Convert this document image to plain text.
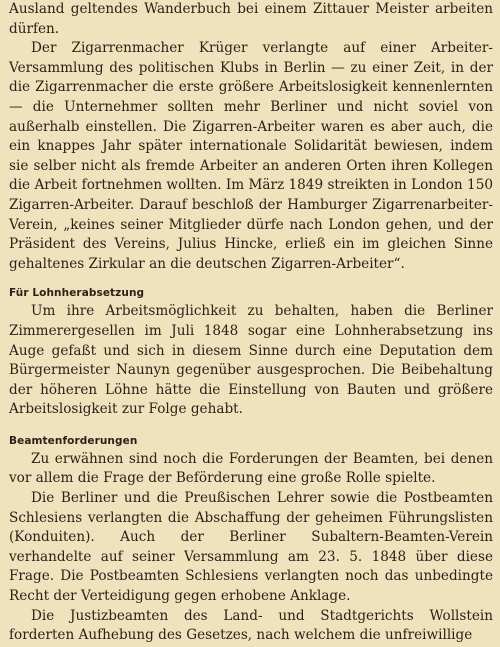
Ausland geltendes Wanderbuch bei einem Zittauer Meister arbeiten dürfen.

Der Zigarrenmacher Krüger verlangte auf einer Arbeiter-Versammlung des politischen Klubs in Berlin — zu einer Zeit, in der die Zigarrenmacher die erste größere Arbeitslosigkeit kennenlernten — die Unternehmer sollten mehr Berliner und nicht soviel von außerhalb einstellen. Die Zigarren-Arbeiter waren es aber auch, die ein knappes Jahr später internationale Solidarität bewiesen, indem sie selber nicht als fremde Arbeiter an anderen Orten ihren Kollegen die Arbeit fortnehmen wollten. Im März 1849 streikten in London 150 Zigarren-Arbeiter. Darauf beschloß der Hamburger Zigarrenarbeiter-Verein, „keines seiner Mitglieder dürfe nach London gehen, und der Präsident des Vereins, Julius Hincke, erließ ein im gleichen Sinne gehaltenes Zirkular an die deutschen Zigarren-Arbeiter“.

Für Lohnherabsetzung

Um ihre Arbeitsmöglichkeit zu behalten, haben die Berliner Zimmerergesellen im Juli 1848 sogar eine Lohnherabsetzung ins Auge gefaßt und sich in diesem Sinne durch eine Deputation dem Bürgermeister Naunyn gegenüber ausgesprochen. Die Beibehaltung der höheren Löhne hätte die Einstellung von Bauten und größere Arbeitslosigkeit zur Folge gehabt.

Beamtenforderungen

Zu erwähnen sind noch die Forderungen der Beamten, bei denen vor allem die Frage der Beförderung eine große Rolle spielte.

Die Berliner und die Preußischen Lehrer sowie die Postbeamten Schlesiens verlangten die Abschaffung der geheimen Führungslisten (Konduiten). Auch der Berliner Subaltern-Beamten-Verein verhandelte auf seiner Versammlung am 23. 5. 1848 über diese Frage. Die Postbeamten Schlesiens verlangten noch das unbedingte Recht der Verteidigung gegen erhobene Anklage.

Die Justizbeamten des Land- und Stadtgerichts Wollstein forderten Aufhebung des Gesetzes, nach welchem die unfreiwillige
